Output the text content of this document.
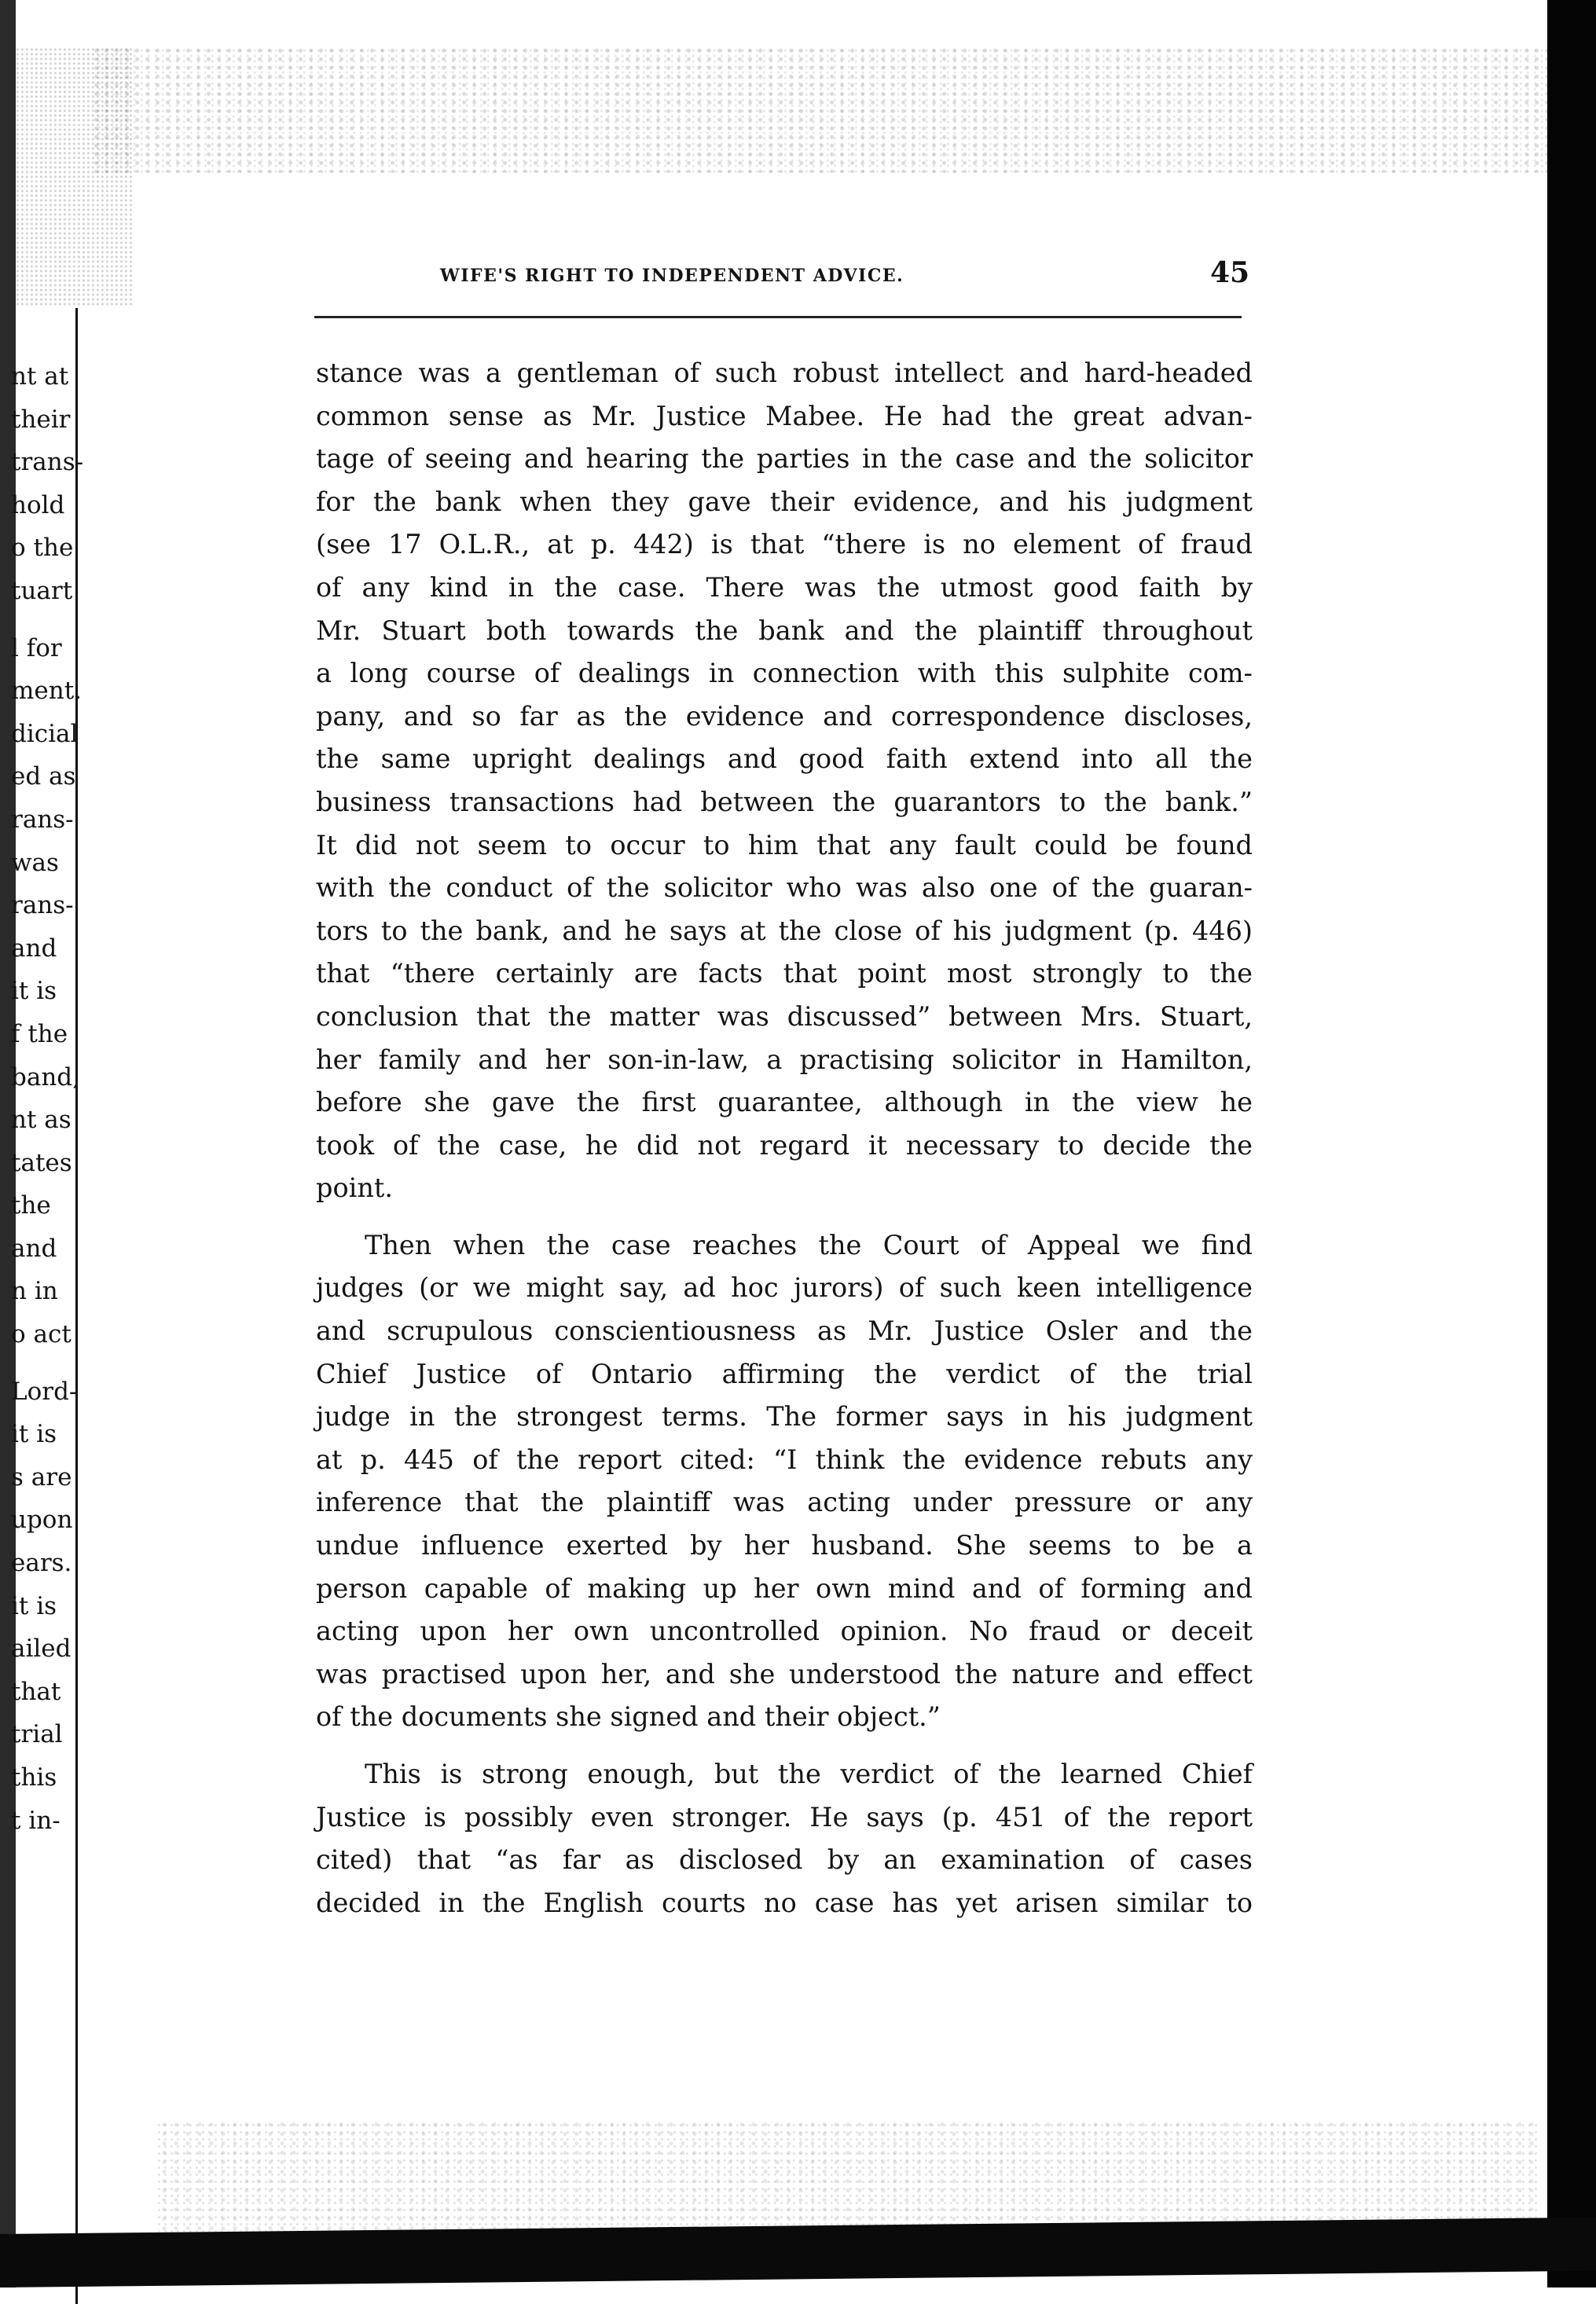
WIFE'S RIGHT TO INDEPENDENT ADVICE.	45
nt at
their
trans-
hold
o the
tuart
l for
ment.
dicial
ed as
rans-
was
rans-
and
it is
f the
band,
nt as
tates
the
and
n in
o act
Lord-
it is
s are
upon
ears.
it is
ailed
that
trial
this
t in-
stance was a gentleman of such robust intellect and hard-headed
common sense as Mr. Justice Mabee. He had the great advan-
tage of seeing and hearing the parties in the case and the solicitor
for the bank when they gave their evidence, and his judgment
(see 17 O.L.R., at p. 442) is that “there is no element of fraud
of any kind in the case. There was the utmost good faith by
Mr. Stuart both towards the bank and the plaintiff throughout
a long course of dealings in connection with this sulphite com-
pany, and so far as the evidence and correspondence discloses,
the same upright dealings and good faith extend into all the
business transactions had between the guarantors to the bank.”
It did not seem to occur to him that any fault could be found
with the conduct of the solicitor who was also one of the guaran-
tors to the bank, and he says at the close of his judgment (p. 446)
that “there certainly are facts that point most strongly to the
conclusion that the matter was discussed” between Mrs. Stuart,
her family and her son-in-law, a practising solicitor in Hamilton,
before she gave the first guarantee, although in the view he
took of the case, he did not regard it necessary to decide the
point.
Then when the case reaches the Court of Appeal we find
judges (or we might say, ad hoc jurors) of such keen intelligence
and scrupulous conscientiousness as Mr. Justice Osler and the
Chief Justice of Ontario affirming the verdict of the trial
judge in the strongest terms. The former says in his judgment
at p. 445 of the report cited: “I think the evidence rebuts any
inference that the plaintiff was acting under pressure or any
undue influence exerted by her husband. She seems to be a
person capable of making up her own mind and of forming and
acting upon her own uncontrolled opinion. No fraud or deceit
was practised upon her, and she understood the nature and effect
of the documents she signed and their object.”
This is strong enough, but the verdict of the learned Chief
Justice is possibly even stronger. He says (p. 451 of the report
cited) that “as far as disclosed by an examination of cases
decided in the English courts no case has yet arisen similar to
